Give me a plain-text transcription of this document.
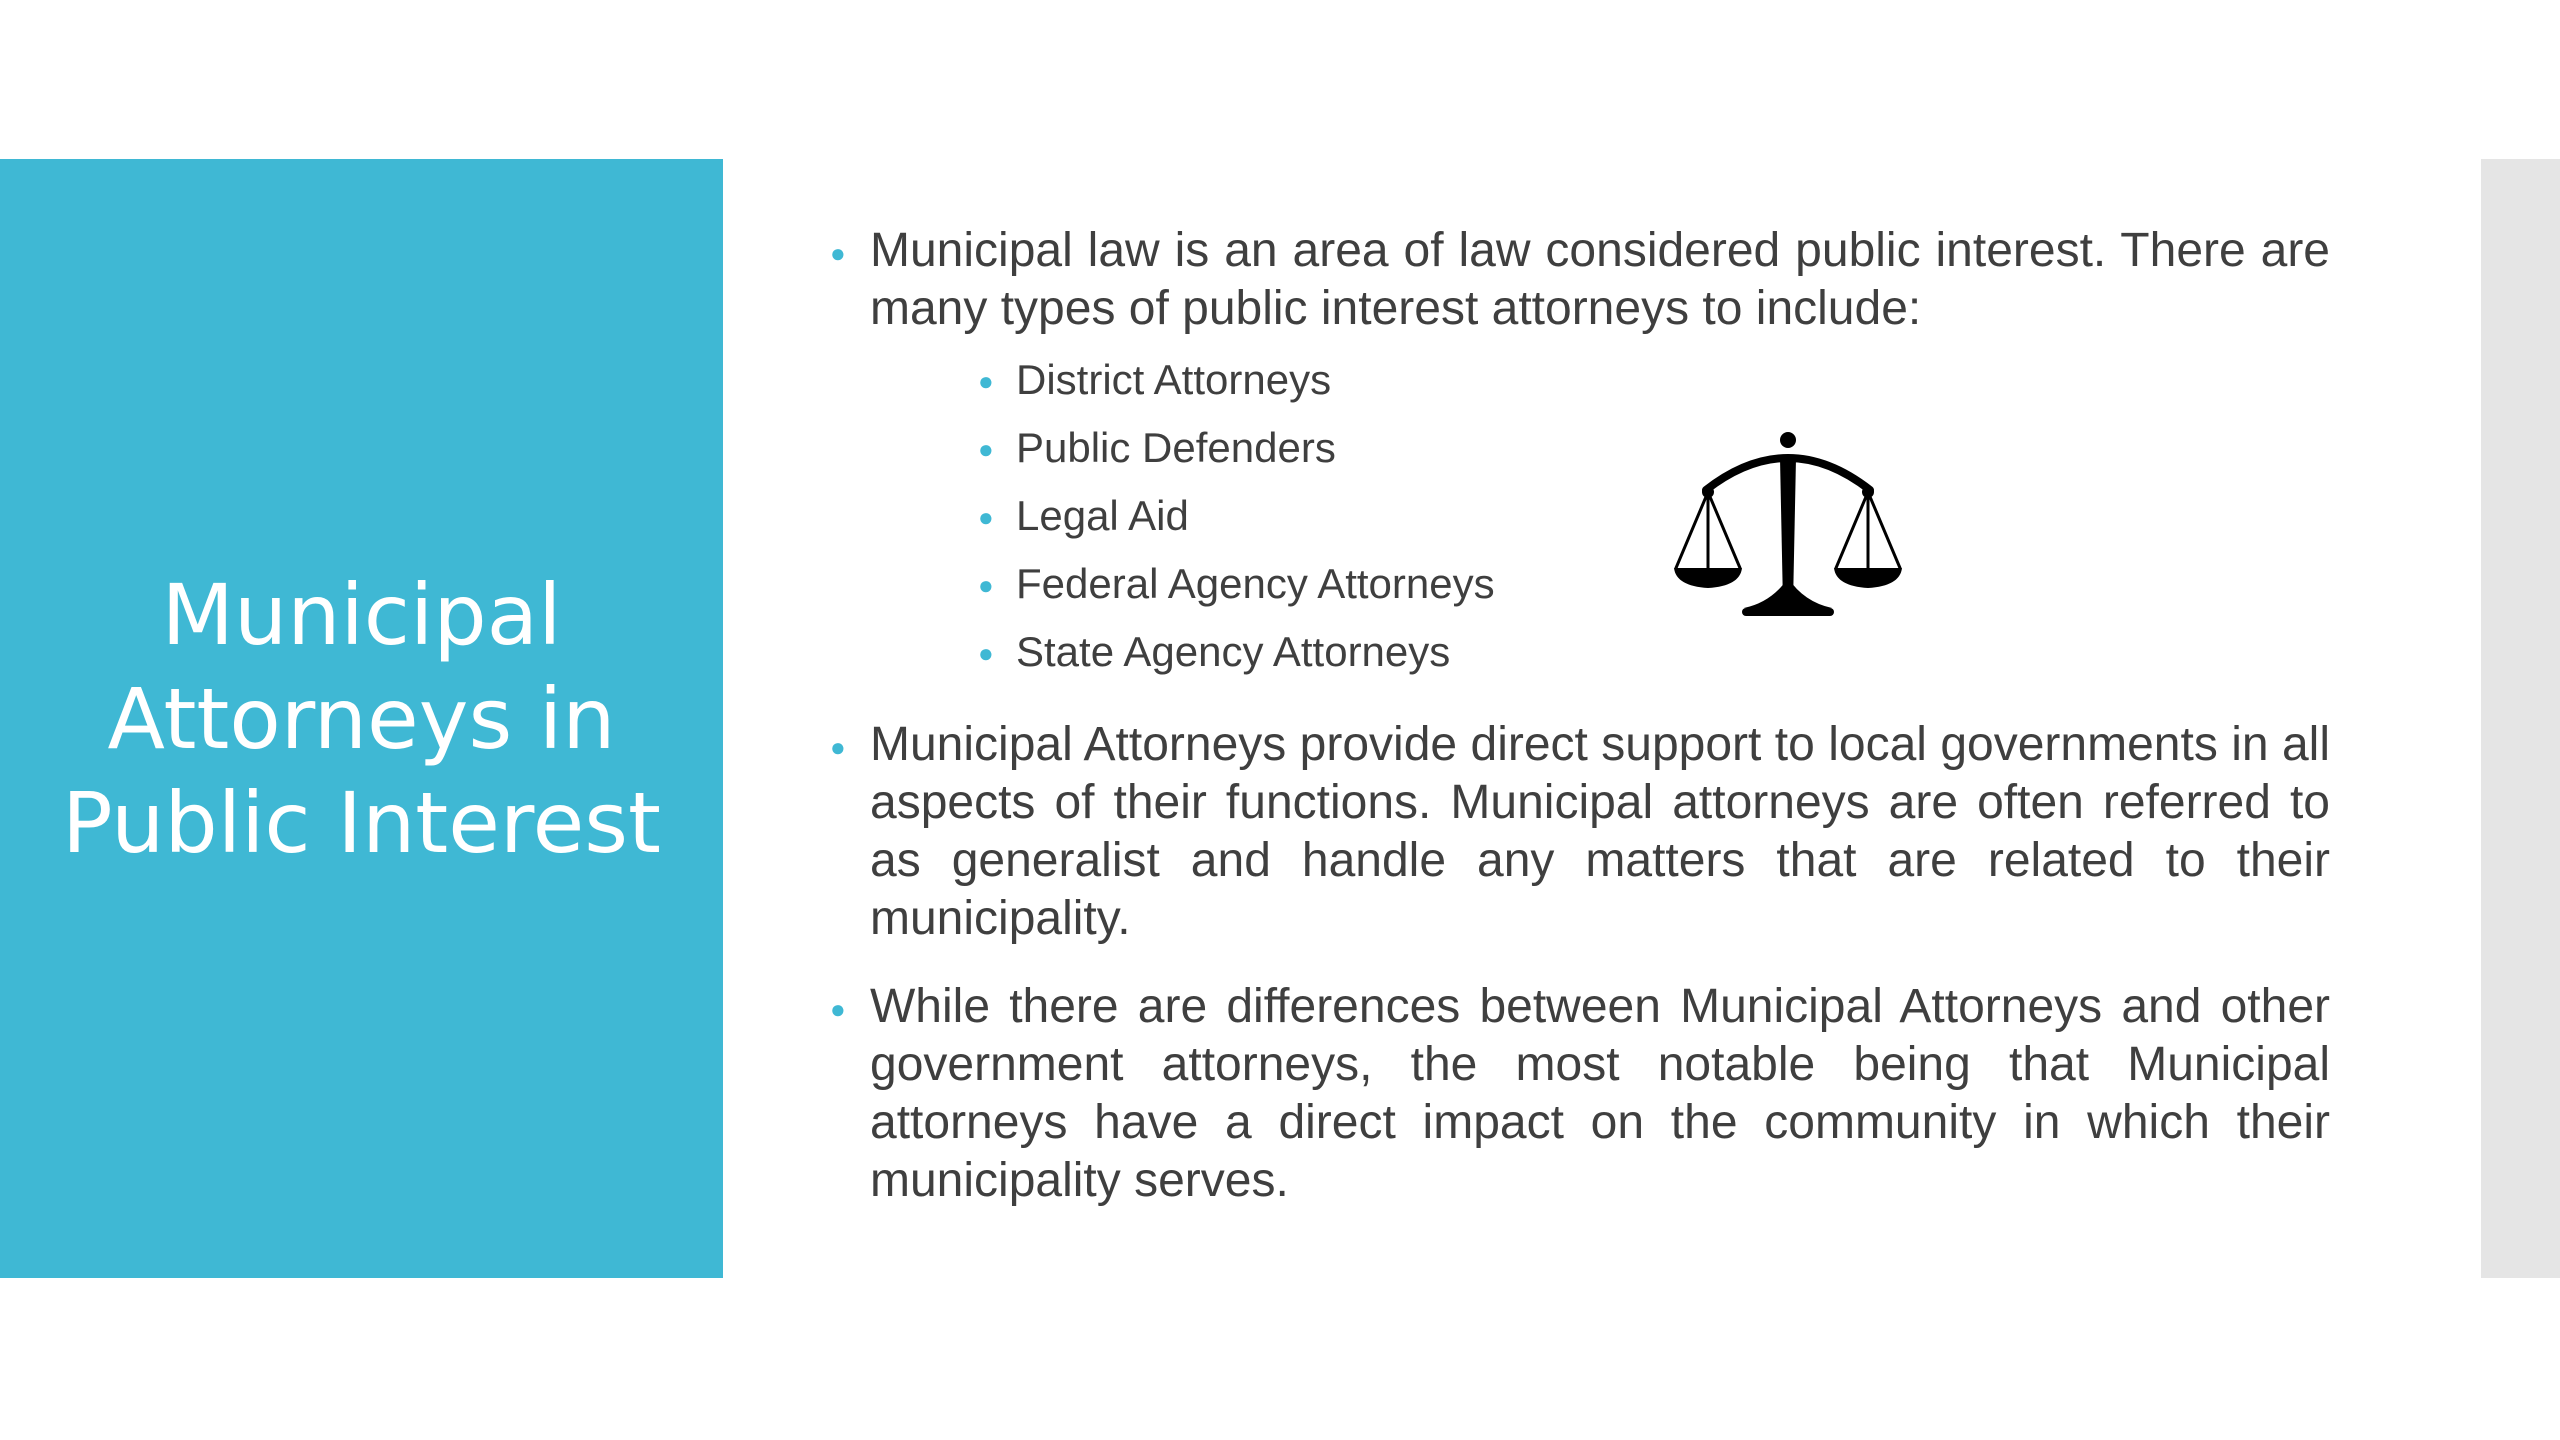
Municipal
Attorneys in
Public Interest
● Municipal law is an area of law considered public interest. There are many types of public interest attorneys to include:
● District Attorneys
● Public Defenders
● Legal Aid
● Federal Agency Attorneys
● State Agency Attorneys
● Municipal Attorneys provide direct support to local governments in all aspects of their functions. Municipal attorneys are often referred to as generalist and handle any matters that are related to their municipality.
● While there are differences between Municipal Attorneys and other government attorneys, the most notable being that Municipal attorneys have a direct impact on the community in which their municipality serves.
